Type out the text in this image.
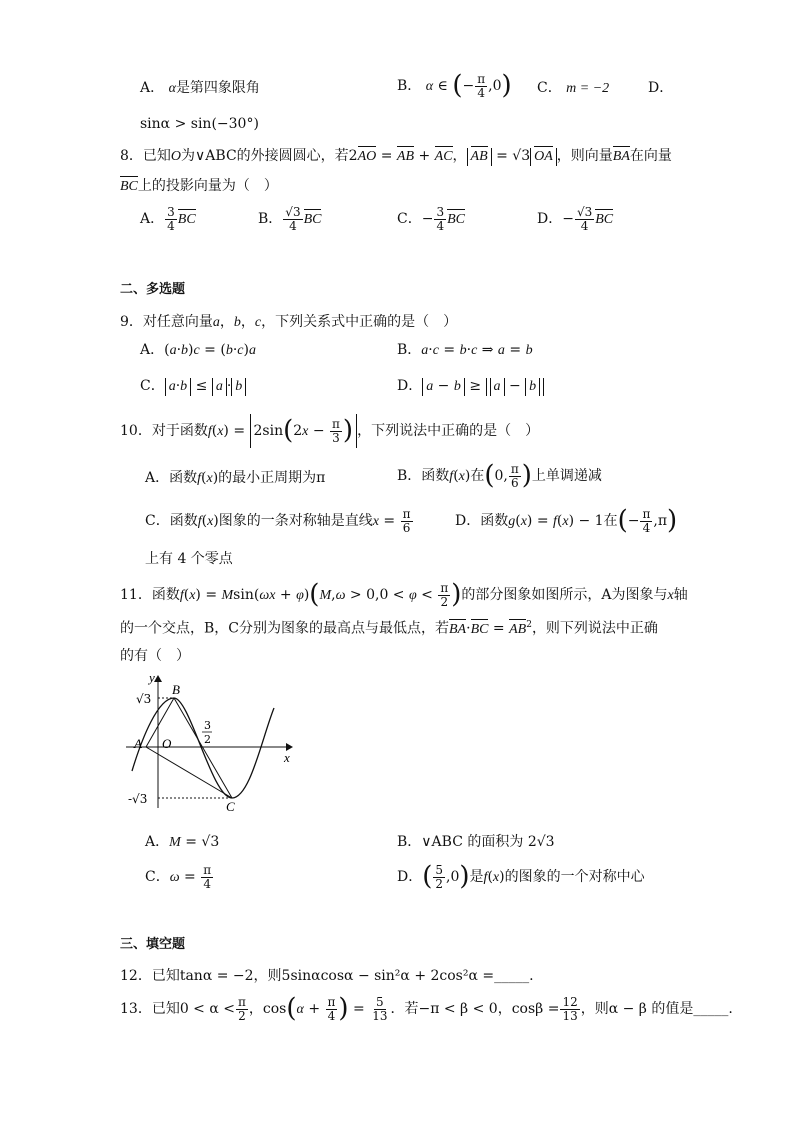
A． α是第四象限角	B． α ∈ (− $\frac{\pi}{4} ,0$) C． m = −2	D．
sinα > sin(−30°)
8．已知O为∨ABC的外接圆圆心，若2AO = AB + AC， AB = √3 OA ，则向量BA在向量
BC上的投影向量为（　）
A． $\frac{3}{4}$ BC	B． $\frac{√3}{4}$ BC	C．− $\frac{3}{4}$ BC	D．− $\frac{√3}{4}$ BC
二、多选题
9．对任意向量a，b，c，下列关系式中正确的是（　）
A．(a·b)c = (b·c)a	B．a·c = b·c ⇒ a = b
C． a·b ≤ a · b	D． a − b ≥ a − b
10．对于函数$f(x) = 2\sin(2x - \frac{\pi}{3}$ ) ，下列说法中正确的是（　）
A．函数f(x)的最小正周期为π	B．函数f(x)在(0, $\frac{\pi}{6}$ )上单调递减
C．函数f(x)图象的一条对称轴是直线$x = \frac{\pi}{6}$	D．函数g(x) = f(x) − 1在(− $\frac{\pi}{4} ,\pi$)
上有 4 个零点
11．函数$f(x) = Msin(\omega x + \varphi)(M,\omega > 0,0 < \varphi < \frac{\pi}{2}$ )的部分图象如图所示，A为图象与x轴
的一个交点，B，C分别为图象的最高点与最低点，若$BA\cdot BC = AB^2$，则下列说法中正确
的有（　）
y
x
B
A O
C
√3
-√3
3
2
A．M = √3	B．∨ABC 的面积为 2√3
C．$\omega = \frac{\pi}{4}$	D．( $\frac{5}{2} ,0$)是f(x)的图象的一个对称中心
三、填空题
12．已知tanα = −2，则5sinαcosα − sin²α + 2cos²α =_____.
13．已知$0 < \alpha < \frac{\pi}{2}$ ，$\cos(\alpha + \frac{\pi}{4}$ ) = $\frac{5}{13}$ ．若−π < β < 0，$\cos\beta = \frac{12}{13}$ ，则α − β 的值是_____.
